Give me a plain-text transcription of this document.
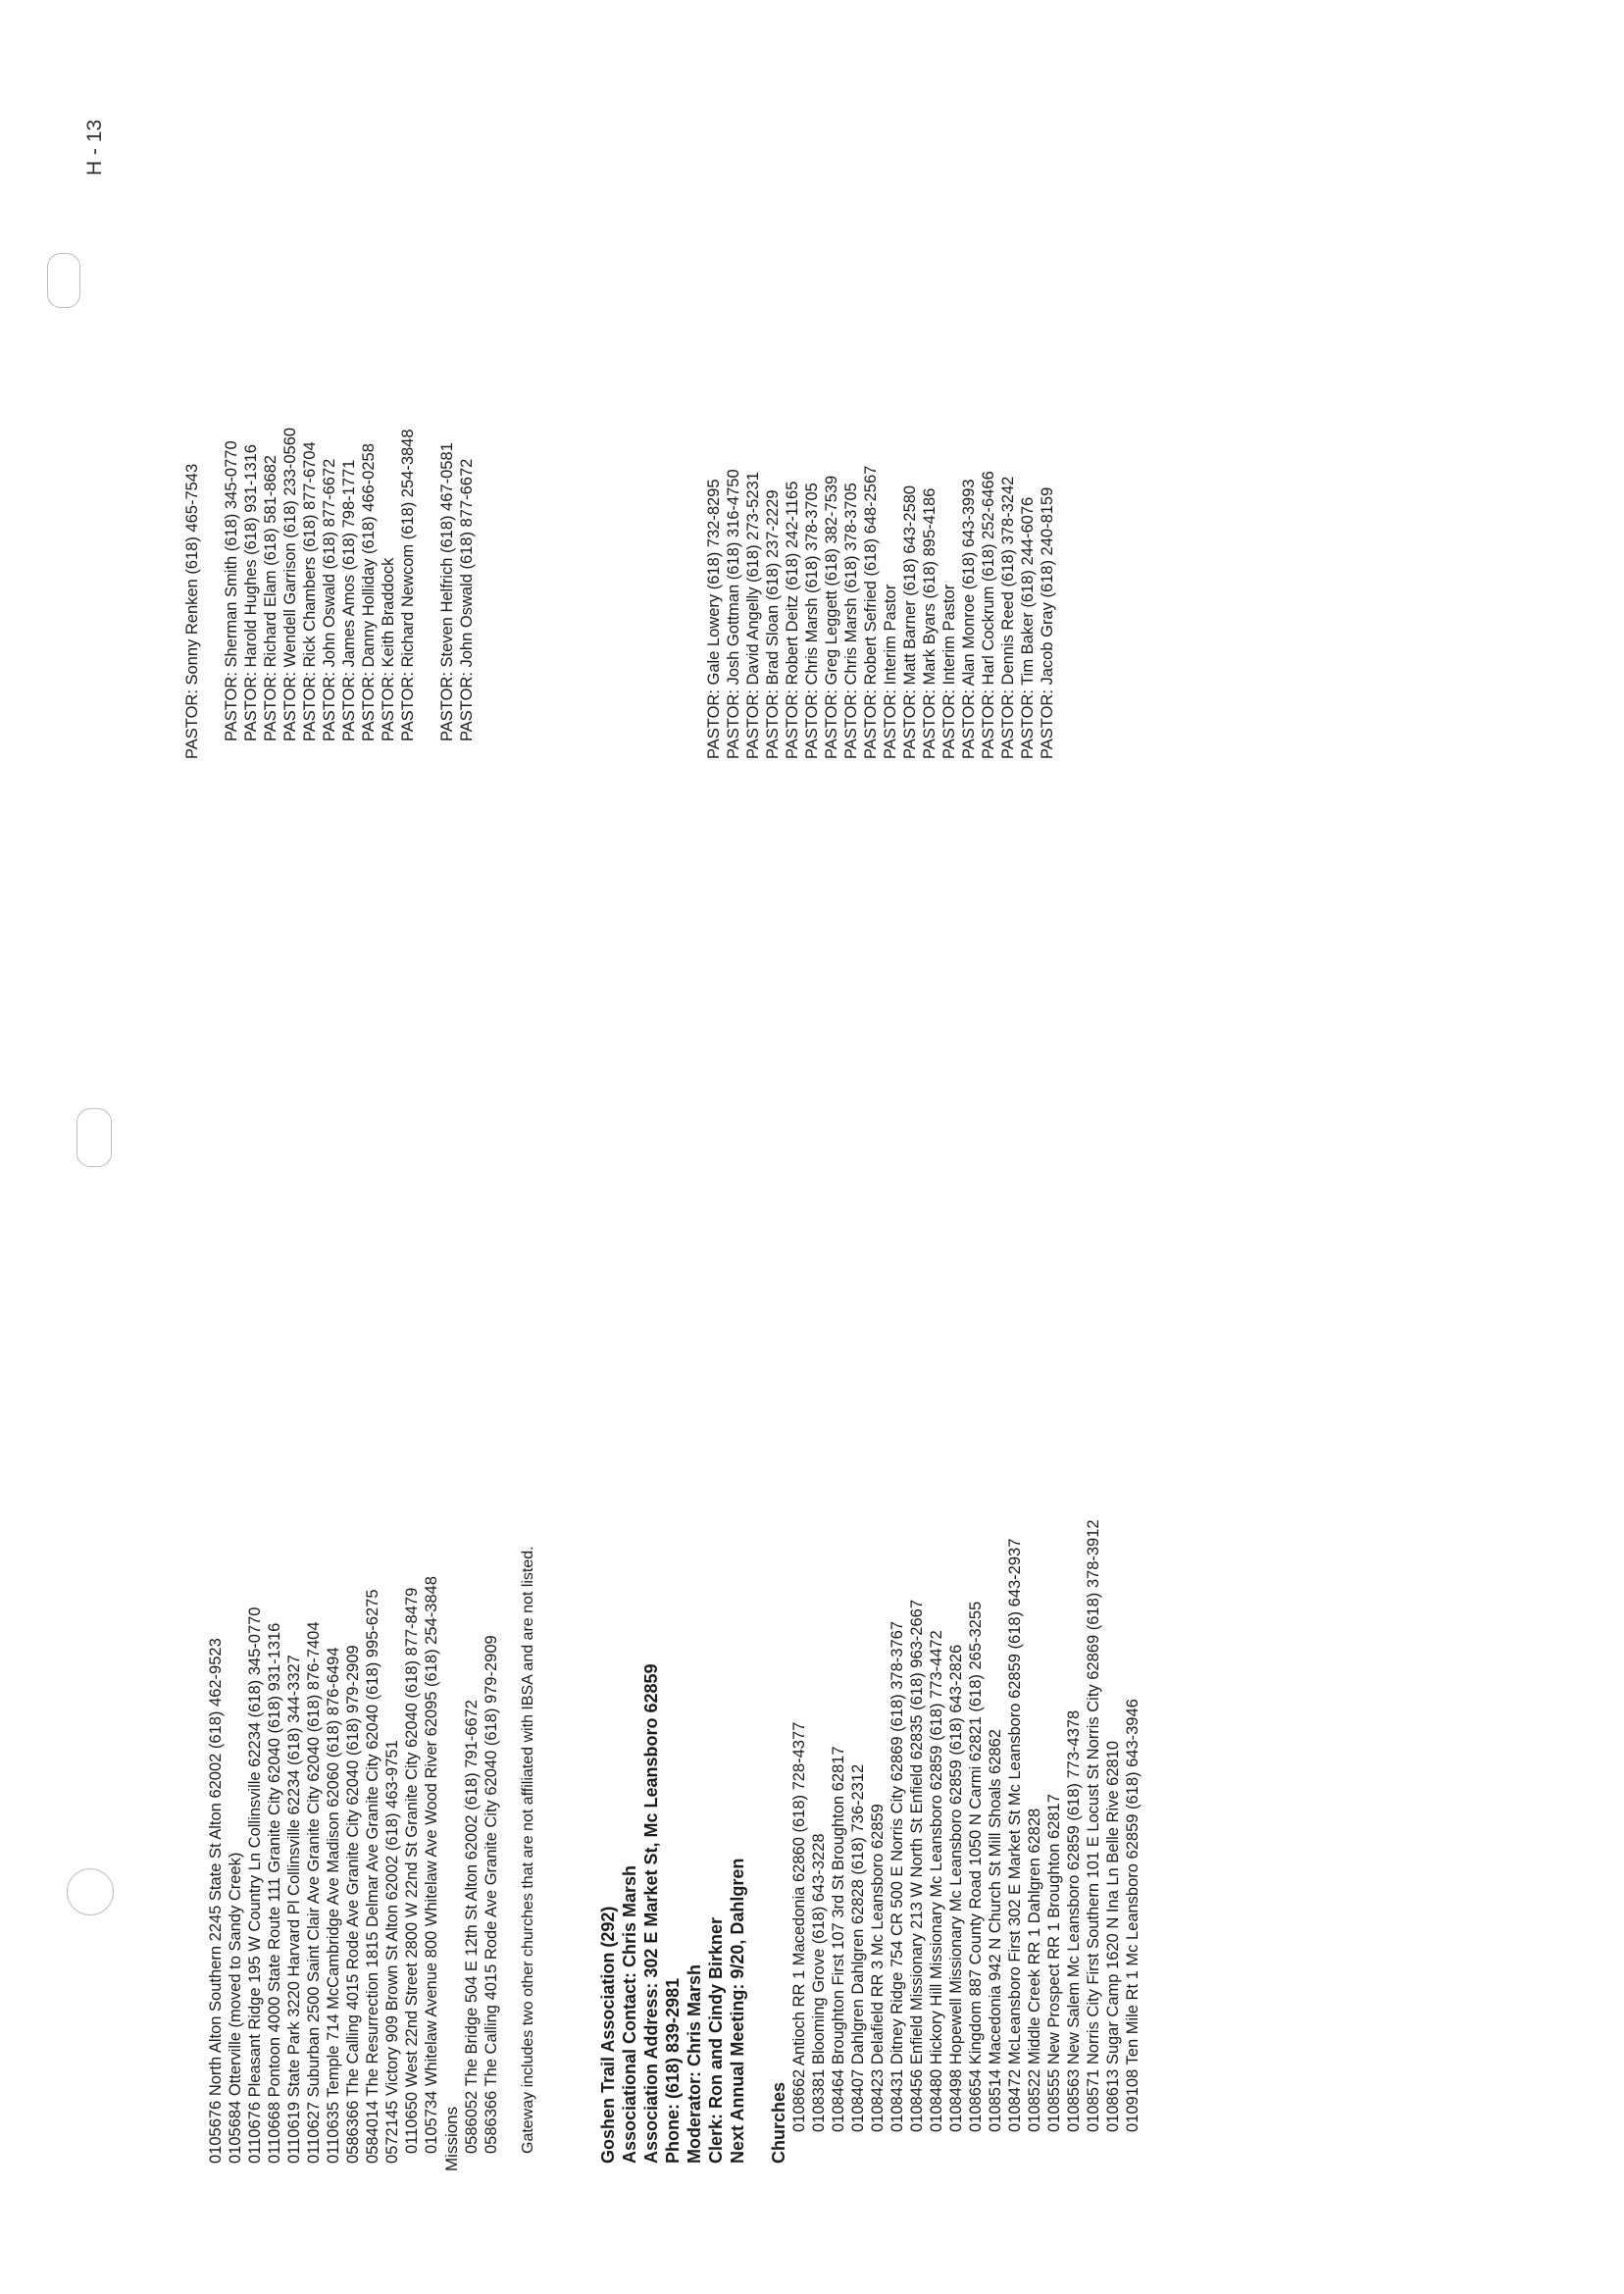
H - 13
0105676 North Alton Southern 2245 State St Alton 62002 (618) 462-9523 0105684 Otterville (moved to Sandy Creek) 0110676 Pleasant Ridge 195 W Country Ln Collinsville 62234 (618) 345-0770 0110668 Pontoon 4000 State Route 111 Granite City 62040 (618) 931-1316 0110619 State Park 3220 Harvard Pl Collinsville 62234 (618) 344-3327 0110627 Suburban 2500 Saint Clair Ave Granite City 62040 (618) 876-7404 0110635 Temple 714 McCambridge Ave Madison 62060 (618) 876-6494 0586366 The Calling 4015 Rode Ave Granite City 62040 (618) 979-2909 0584014 The Resurrection 1815 Delmar Ave Granite City 62040 (618) 995-6275 0572145 Victory 909 Brown St Alton 62002 (618) 463-9751 0110650 West 22nd Street 2800 W 22nd St Granite City 62040 (618) 877-8479 0105734 Whitelaw Avenue 800 Whitelaw Ave Wood River 62095 (618) 254-3848 Missions 0586052 The Bridge 504 E 12th St Alton 62002 (618) 791-6672 0586366 The Calling 4015 Rode Ave Granite City 62040 (618) 979-2909 Gateway includes two other churches that are not affiliated with IBSA and are not listed.	Goshen Trail Association (292) Associational Contact: Chris Marsh Association Address: 302 E Market St, Mc Leansboro 62859 Phone: (618) 839-2981 Moderator: Chris Marsh Clerk: Ron and Cindy Birkner Next Annual Meeting: 9/20, Dahlgren Churches 0108662 Antioch RR 1 Macedonia 62860 (618) 728-4377 0108381 Blooming Grove (618) 643-3228 0108464 Broughton First 107 3rd St Broughton 62817 0108407 Dahlgren Dahlgren 62828 (618) 736-2312 0108423 Delafield RR 3 Mc Leansboro 62859 0108431 Ditney Ridge 754 CR 500 E Norris City 62869 (618) 378-3767 0108456 Enfield Missionary 213 W North St Enfield 62835 (618) 963-2667 0108480 Hickory Hill Missionary Mc Leansboro 62859 (618) 773-4472 0108498 Hopewell Missionary Mc Leansboro 62859 (618) 643-2826 0108654 Kingdom 887 County Road 1050 N Carmi 62821 (618) 265-3255 0108514 Macedonia 942 N Church St Mill Shoals 62862 0108472 McLeansboro First 302 E Market St Mc Leansboro 62859 (618) 643-2937 0108522 Middle Creek RR 1 Dahlgren 62828 0108555 New Prospect RR 1 Broughton 62817 0108563 New Salem Mc Leansboro 62859 (618) 773-4378 0108571 Norris City First Southern 101 E Locust St Norris City 62869 (618) 378-3912 0108613 Sugar Camp 1620 N Ina Ln Belle Rive 62810 0109108 Ten Mile Rt 1 Mc Leansboro 62859 (618) 643-3946
PASTOR: Sonny Renken (618) 465-7543 PASTOR: Sherman Smith (618) 345-0770 PASTOR: Harold Hughes (618) 931-1316 PASTOR: Richard Elam (618) 581-8682 PASTOR: Wendell Garrison (618) 233-0560 PASTOR: Rick Chambers (618) 877-6704 PASTOR: John Oswald (618) 877-6672 PASTOR: James Amos (618) 798-1771 PASTOR: Danny Holliday (618) 466-0258 PASTOR: Keith Braddock PASTOR: Richard Newcom (618) 254-3848 PASTOR: Steven Helfrich (618) 467-0581 PASTOR: John Oswald (618) 877-6672	PASTOR: Gale Lowery (618) 732-8295 PASTOR: Josh Gottman (618) 316-4750 PASTOR: David Angelly (618) 273-5231 PASTOR: Brad Sloan (618) 237-2229 PASTOR: Robert Deitz (618) 242-1165 PASTOR: Chris Marsh (618) 378-3705 PASTOR: Greg Leggett (618) 382-7539 PASTOR: Chris Marsh (618) 378-3705 PASTOR: Robert Sefried (618) 648-2567 PASTOR: Interim Pastor PASTOR: Matt Barner (618) 643-2580 PASTOR: Mark Byars (618) 895-4186 PASTOR: Interim Pastor PASTOR: Alan Monroe (618) 643-3993 PASTOR: Harl Cockrum (618) 252-6466 PASTOR: Dennis Reed (618) 378-3242 PASTOR: Tim Baker (618) 244-6076 PASTOR: Jacob Gray (618) 240-8159
